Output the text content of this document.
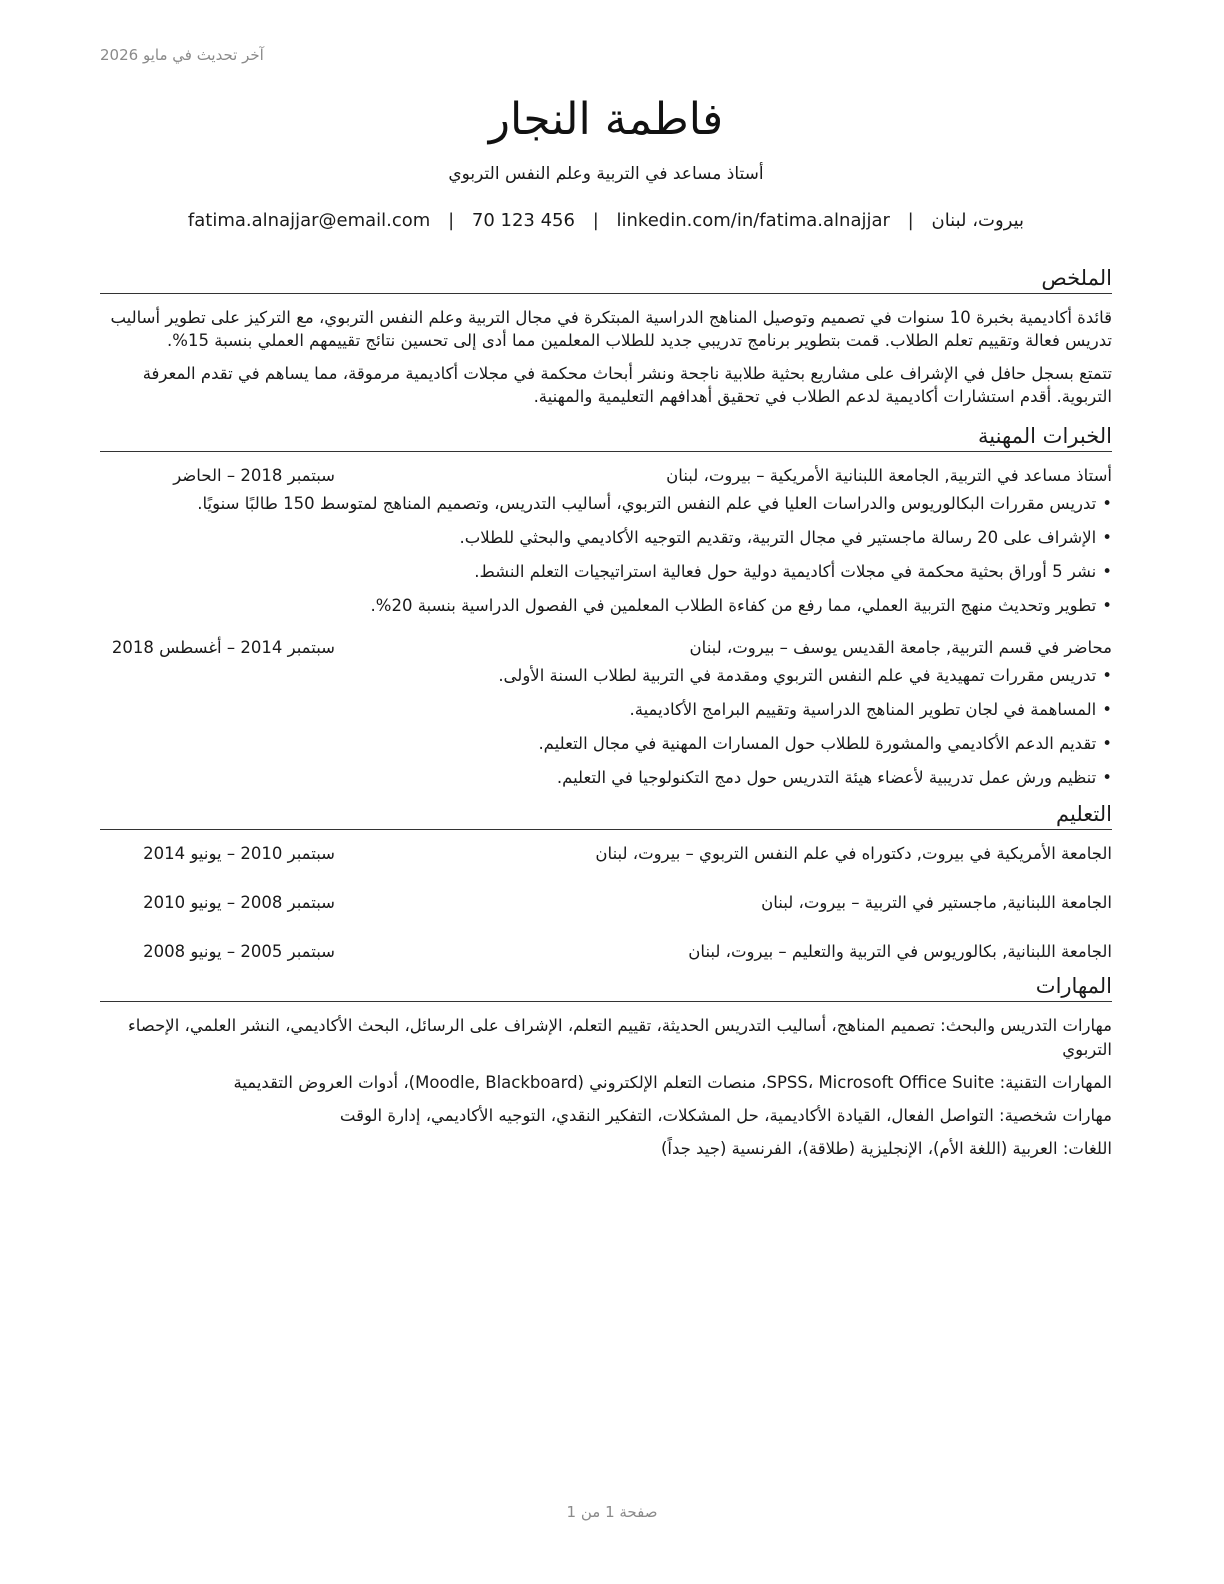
آخر تحديث في مايو 2026
فاطمة النجار
أستاذ مساعد في التربية وعلم النفس التربوي
بيروت، لبنان | fatima.alnajjar@email.com | 70 123 456 | linkedin.com/in/fatima.alnajjar
الملخص

قائدة أكاديمية بخبرة 10 سنوات في تصميم وتوصيل المناهج الدراسية المبتكرة في مجال التربية وعلم النفس التربوي، مع التركيز على تطوير أساليب تدريس فعالة وتقييم تعلم الطلاب. قمت بتطوير برنامج تدريبي جديد للطلاب المعلمين مما أدى إلى تحسين نتائج تقييمهم العملي بنسبة 15%.

تتمتع بسجل حافل في الإشراف على مشاريع بحثية طلابية ناجحة ونشر أبحاث محكمة في مجلات أكاديمية مرموقة، مما يساهم في تقدم المعرفة التربوية. أقدم استشارات أكاديمية لدعم الطلاب في تحقيق أهدافهم التعليمية والمهنية.

الخبرات المهنية
أستاذ مساعد في التربية, الجامعة اللبنانية الأمريكية – بيروت، لبنان
سبتمبر 2018 – الحاضر
• تدريس مقررات البكالوريوس والدراسات العليا في علم النفس التربوي، أساليب التدريس، وتصميم المناهج لمتوسط 150 طالبًا سنويًا.
• الإشراف على 20 رسالة ماجستير في مجال التربية، وتقديم التوجيه الأكاديمي والبحثي للطلاب.
• نشر 5 أوراق بحثية محكمة في مجلات أكاديمية دولية حول فعالية استراتيجيات التعلم النشط.
• تطوير وتحديث منهج التربية العملي، مما رفع من كفاءة الطلاب المعلمين في الفصول الدراسية بنسبة 20%.
محاضر في قسم التربية, جامعة القديس يوسف – بيروت، لبنان
سبتمبر 2014 – أغسطس 2018
• تدريس مقررات تمهيدية في علم النفس التربوي ومقدمة في التربية لطلاب السنة الأولى.
• المساهمة في لجان تطوير المناهج الدراسية وتقييم البرامج الأكاديمية.
• تقديم الدعم الأكاديمي والمشورة للطلاب حول المسارات المهنية في مجال التعليم.
• تنظيم ورش عمل تدريبية لأعضاء هيئة التدريس حول دمج التكنولوجيا في التعليم.
التعليم
الجامعة الأمريكية في بيروت, دكتوراه في علم النفس التربوي – بيروت، لبنان
سبتمبر 2010 – يونيو 2014
الجامعة اللبنانية, ماجستير في التربية – بيروت، لبنان
سبتمبر 2008 – يونيو 2010
الجامعة اللبنانية, بكالوريوس في التربية والتعليم – بيروت، لبنان
سبتمبر 2005 – يونيو 2008
المهارات
مهارات التدريس والبحث: تصميم المناهج، أساليب التدريس الحديثة، تقييم التعلم، الإشراف على الرسائل، البحث الأكاديمي، النشر العلمي، الإحصاء التربوي
المهارات التقنية: SPSS، Microsoft Office Suite، منصات التعلم الإلكتروني (Moodle, Blackboard)، أدوات العروض التقديمية
مهارات شخصية: التواصل الفعال، القيادة الأكاديمية، حل المشكلات، التفكير النقدي، التوجيه الأكاديمي، إدارة الوقت
اللغات: العربية (اللغة الأم)، الإنجليزية (طلاقة)، الفرنسية (جيد جداً)
صفحة 1 من 1
